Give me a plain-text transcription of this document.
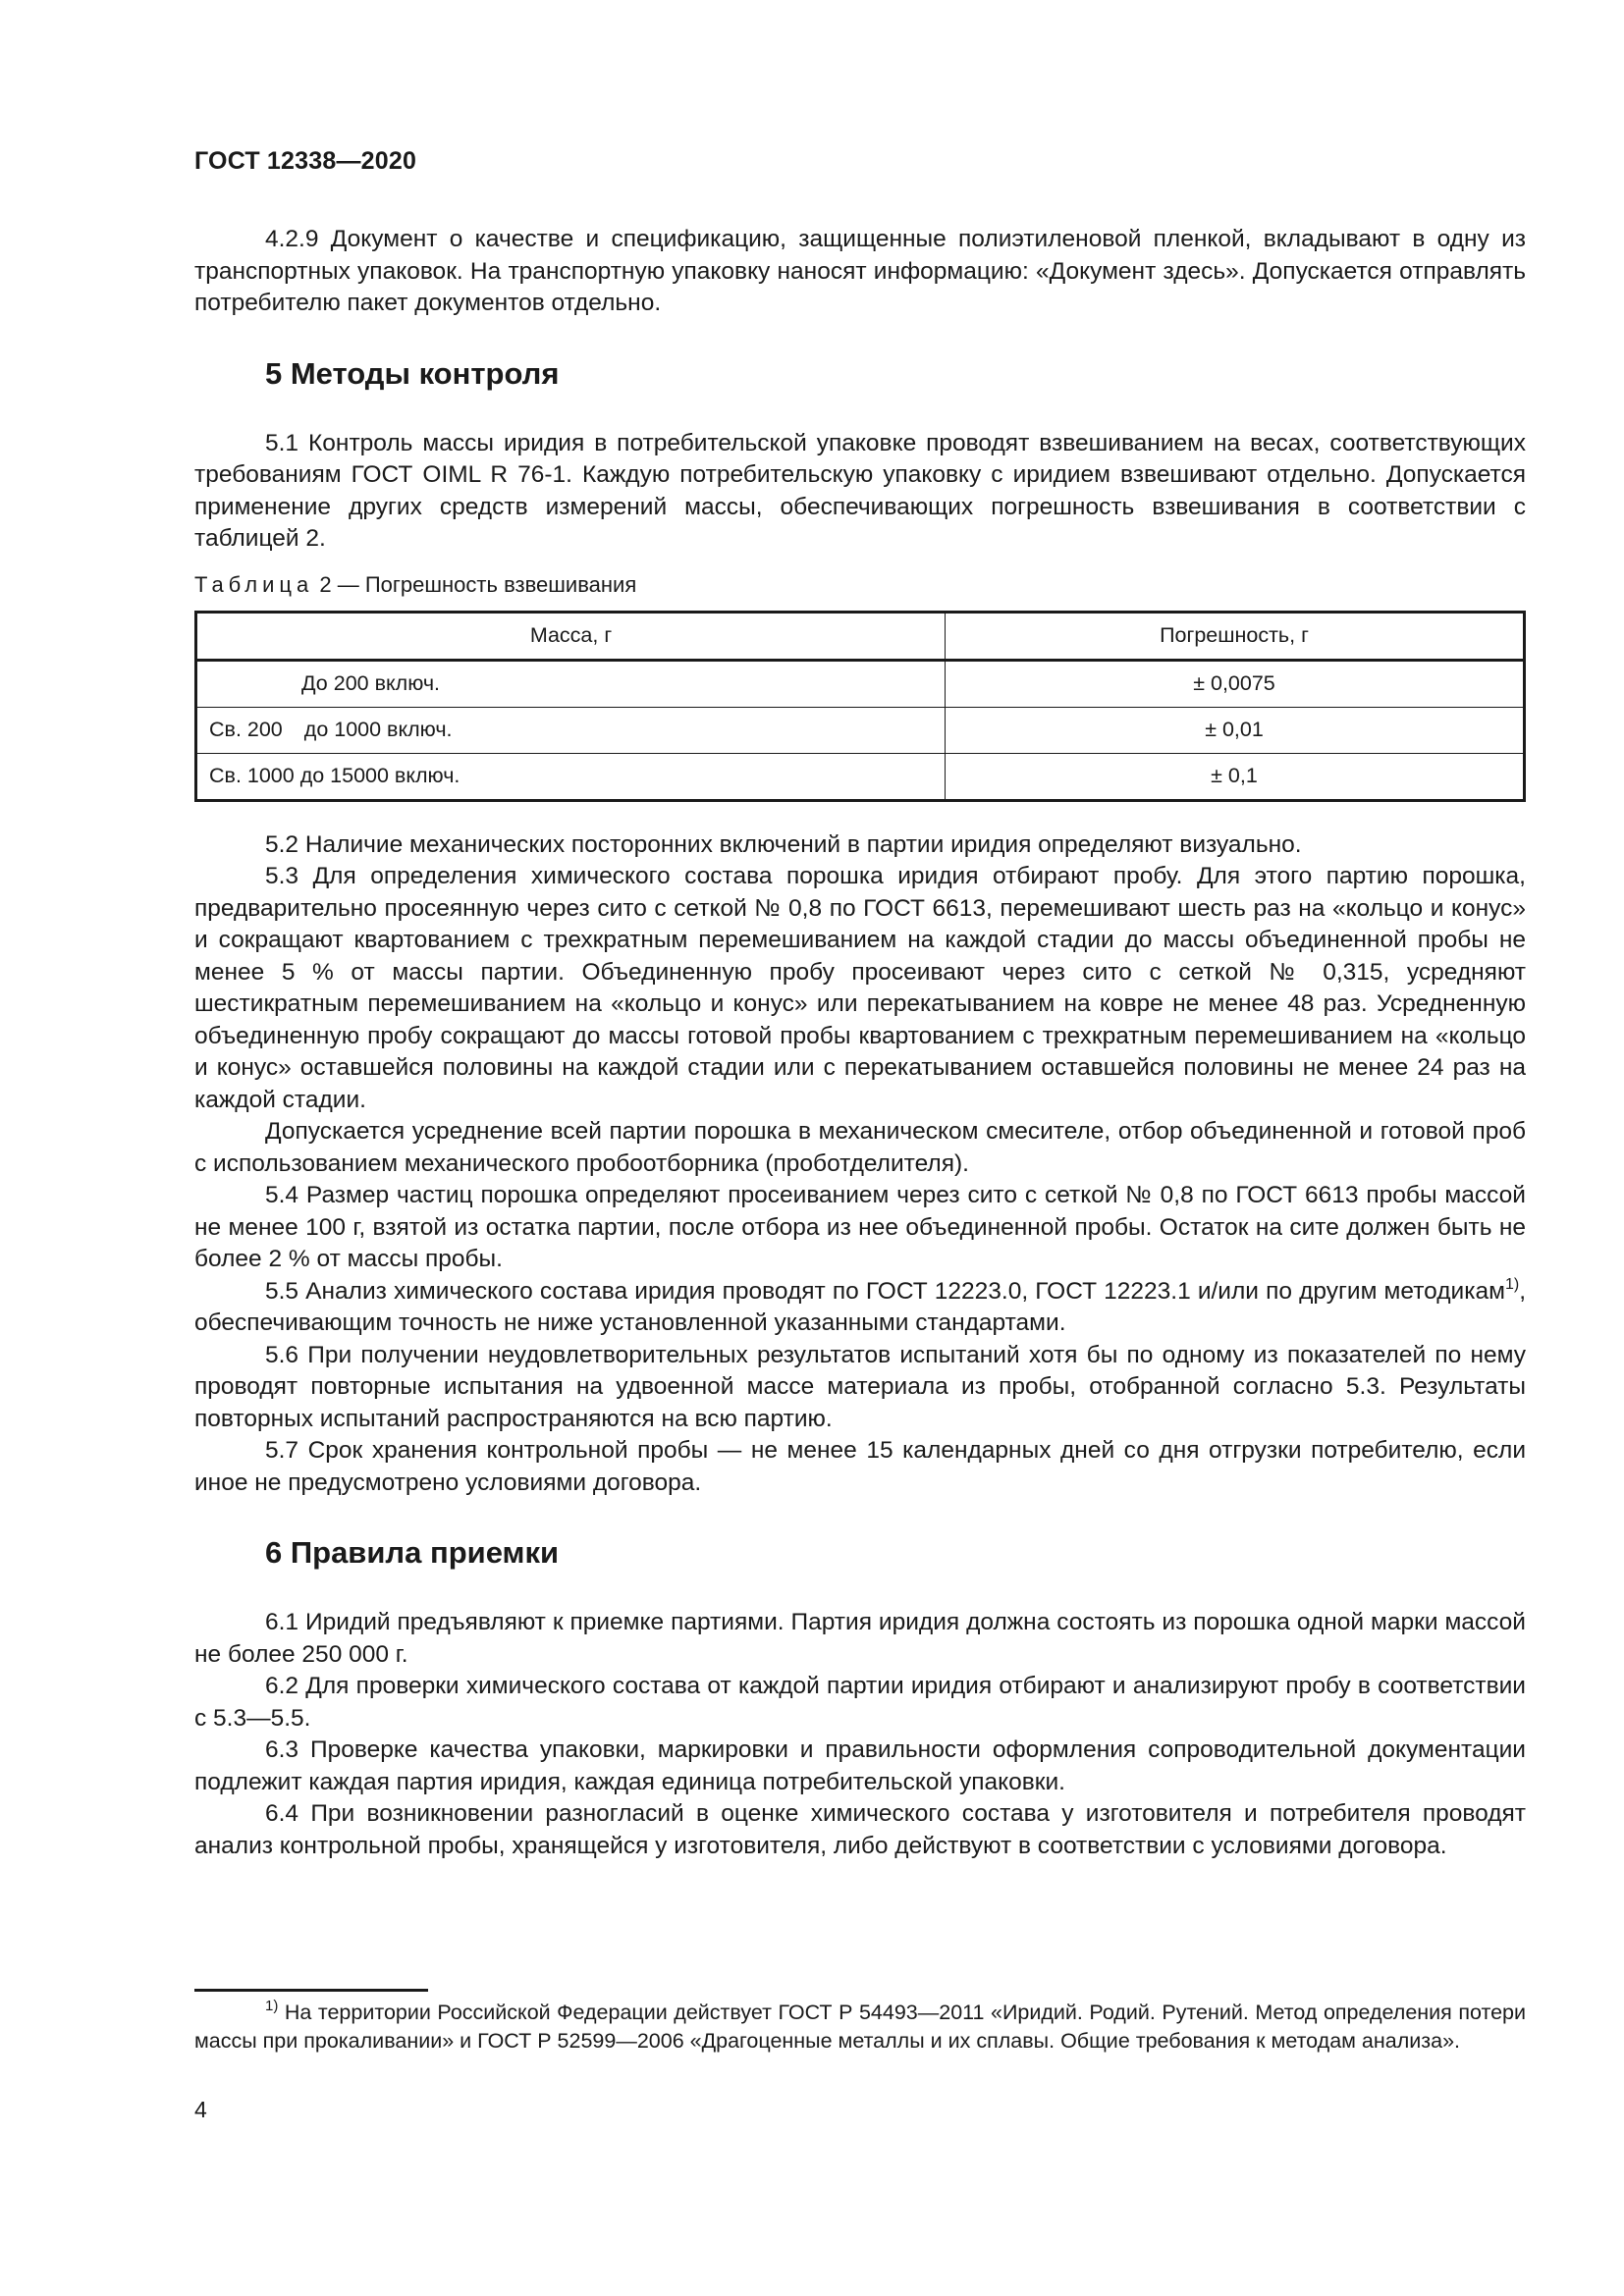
ГОСТ 12338—2020

4.2.9 Документ о качестве и спецификацию, защищенные полиэтиленовой пленкой, вкладывают в одну из транспортных упаковок. На транспортную упаковку наносят информацию: «Документ здесь». Допускается отправлять потребителю пакет документов отдельно.

5 Методы контроля

5.1 Контроль массы иридия в потребительской упаковке проводят взвешиванием на весах, соответствующих требованиям ГОСТ OIML R 76-1. Каждую потребительскую упаковку с иридием взвешивают отдельно. Допускается применение других средств измерений массы, обеспечивающих погрешность взвешивания в соответствии с таблицей 2.

Таблица 2 — Погрешность взвешивания
Масса, г	Погрешность, г
До 200 включ.	± 0,0075
Св. 200 до 1000 включ.	± 0,01
Св. 1000 до 15000 включ.	± 0,1

5.2 Наличие механических посторонних включений в партии иридия определяют визуально.

5.3 Для определения химического состава порошка иридия отбирают пробу. Для этого партию порошка, предварительно просеянную через сито с сеткой № 0,8 по ГОСТ 6613, перемешивают шесть раз на «кольцо и конус» и сокращают квартованием с трехкратным перемешиванием на каждой стадии до массы объединенной пробы не менее 5 % от массы партии. Объединенную пробу просеивают через сито с сеткой № 0,315, усредняют шестикратным перемешиванием на «кольцо и конус» или перекатыванием на ковре не менее 48 раз. Усредненную объединенную пробу сокращают до массы готовой пробы квартованием с трехкратным перемешиванием на «кольцо и конус» оставшейся половины на каждой стадии или с перекатыванием оставшейся половины не менее 24 раз на каждой стадии.

Допускается усреднение всей партии порошка в механическом смесителе, отбор объединенной и готовой проб с использованием механического пробоотборника (проботделителя).

5.4 Размер частиц порошка определяют просеиванием через сито с сеткой № 0,8 по ГОСТ 6613 пробы массой не менее 100 г, взятой из остатка партии, после отбора из нее объединенной пробы. Остаток на сите должен быть не более 2 % от массы пробы.

5.5 Анализ химического состава иридия проводят по ГОСТ 12223.0, ГОСТ 12223.1 и/или по другим методикам$^{1)}$, обеспечивающим точность не ниже установленной указанными стандартами.

5.6 При получении неудовлетворительных результатов испытаний хотя бы по одному из показателей по нему проводят повторные испытания на удвоенной массе материала из пробы, отобранной согласно 5.3. Результаты повторных испытаний распространяются на всю партию.

5.7 Срок хранения контрольной пробы — не менее 15 календарных дней со дня отгрузки потребителю, если иное не предусмотрено условиями договора.

6 Правила приемки

6.1 Иридий предъявляют к приемке партиями. Партия иридия должна состоять из порошка одной марки массой не более 250 000 г.

6.2 Для проверки химического состава от каждой партии иридия отбирают и анализируют пробу в соответствии с 5.3—5.5.

6.3 Проверке качества упаковки, маркировки и правильности оформления сопроводительной документации подлежит каждая партия иридия, каждая единица потребительской упаковки.

6.4 При возникновении разногласий в оценке химического состава у изготовителя и потребителя проводят анализ контрольной пробы, хранящейся у изготовителя, либо действуют в соответствии с условиями договора.

$^{1)}$ На территории Российской Федерации действует ГОСТ Р 54493—2011 «Иридий. Родий. Рутений. Метод определения потери массы при прокаливании» и ГОСТ Р 52599—2006 «Драгоценные металлы и их сплавы. Общие требования к методам анализа».

4
